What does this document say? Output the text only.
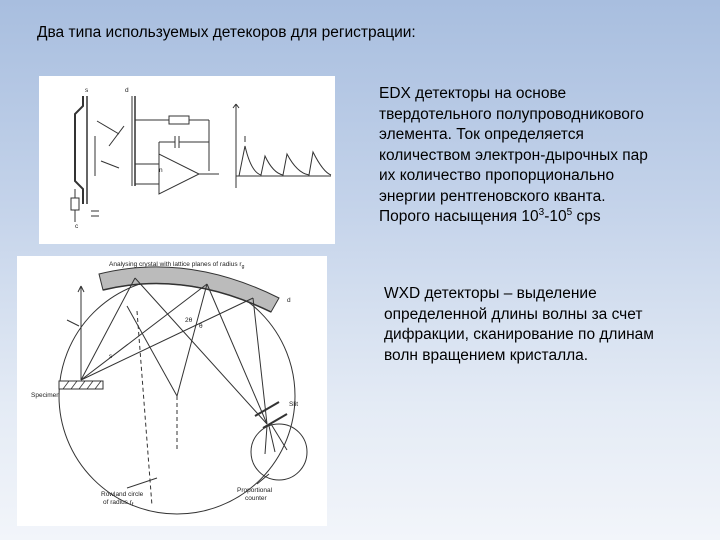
Два типа используемых детекоров для регистрации:
s	d
n
c
Analysing crystal with lattice planes of radius $r_g$
Specimen
Slit
Rowland circle
of radius $r_f$
Proportional
counter
d
2θ
θ
s
EDX детекторы на основе
твердотельного полупроводникового
элемента. Ток определяется
количеством электрон-дырочных пар
их количество пропорционально
энергии рентгеновского кванта.
Порого насыщения $10^3-10^5$ cps
WXD детекторы – выделение
определенной длины волны за счет
дифракции, сканирование по длинам
волн вращением кристалла.
